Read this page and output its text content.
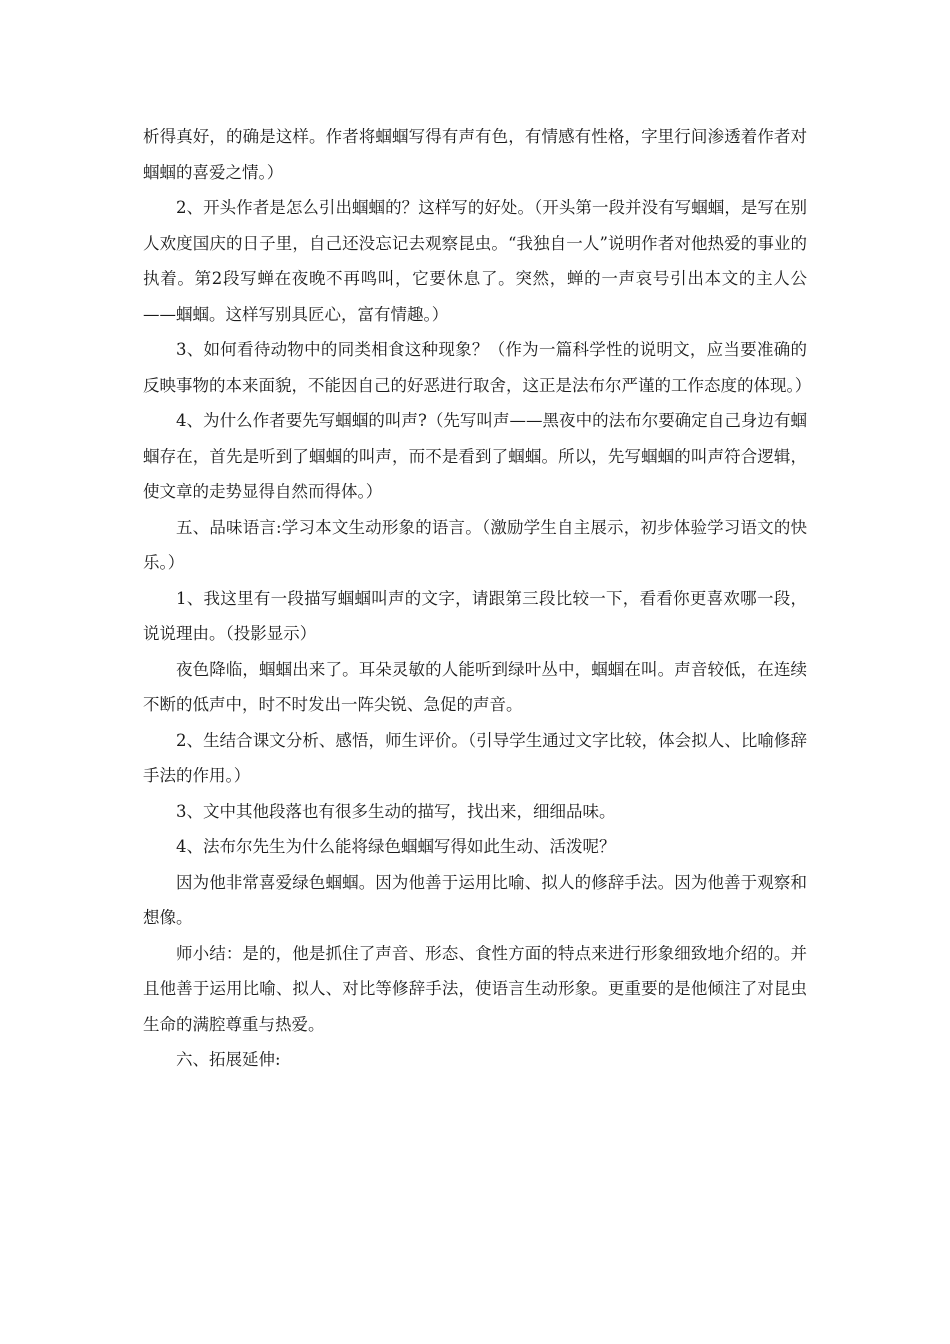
析得真好，的确是这样。作者将蝈蝈写得有声有色，有情感有性格，字里行间渗透着作者对蝈蝈的喜爱之情。）

2、开头作者是怎么引出蝈蝈的？这样写的好处。（开头第一段并没有写蝈蝈，是写在别人欢度国庆的日子里，自己还没忘记去观察昆虫。“我独自一人”说明作者对他热爱的事业的执着。第2段写蝉在夜晚不再鸣叫，它要休息了。突然，蝉的一声哀号引出本文的主人公——蝈蝈。这样写别具匠心，富有情趣。）

3、如何看待动物中的同类相食这种现象？（作为一篇科学性的说明文，应当要准确的反映事物的本来面貌，不能因自己的好恶进行取舍，这正是法布尔严谨的工作态度的体现。）

4、为什么作者要先写蝈蝈的叫声?（先写叫声——黑夜中的法布尔要确定自己身边有蝈蝈存在，首先是听到了蝈蝈的叫声，而不是看到了蝈蝈。所以，先写蝈蝈的叫声符合逻辑，使文章的走势显得自然而得体。）

五、品味语言:学习本文生动形象的语言。（激励学生自主展示，初步体验学习语文的快乐。）

1、我这里有一段描写蝈蝈叫声的文字，请跟第三段比较一下，看看你更喜欢哪一段，说说理由。（投影显示）

夜色降临，蝈蝈出来了。耳朵灵敏的人能听到绿叶丛中，蝈蝈在叫。声音较低，在连续不断的低声中，时不时发出一阵尖锐、急促的声音。

2、生结合课文分析、感悟，师生评价。（引导学生通过文字比较，体会拟人、比喻修辞手法的作用。）

3、文中其他段落也有很多生动的描写，找出来，细细品味。

4、法布尔先生为什么能将绿色蝈蝈写得如此生动、活泼呢？

因为他非常喜爱绿色蝈蝈。因为他善于运用比喻、拟人的修辞手法。因为他善于观察和想像。

师小结：是的，他是抓住了声音、形态、食性方面的特点来进行形象细致地介绍的。并且他善于运用比喻、拟人、对比等修辞手法，使语言生动形象。更重要的是他倾注了对昆虫生命的满腔尊重与热爱。

六、拓展延伸:
